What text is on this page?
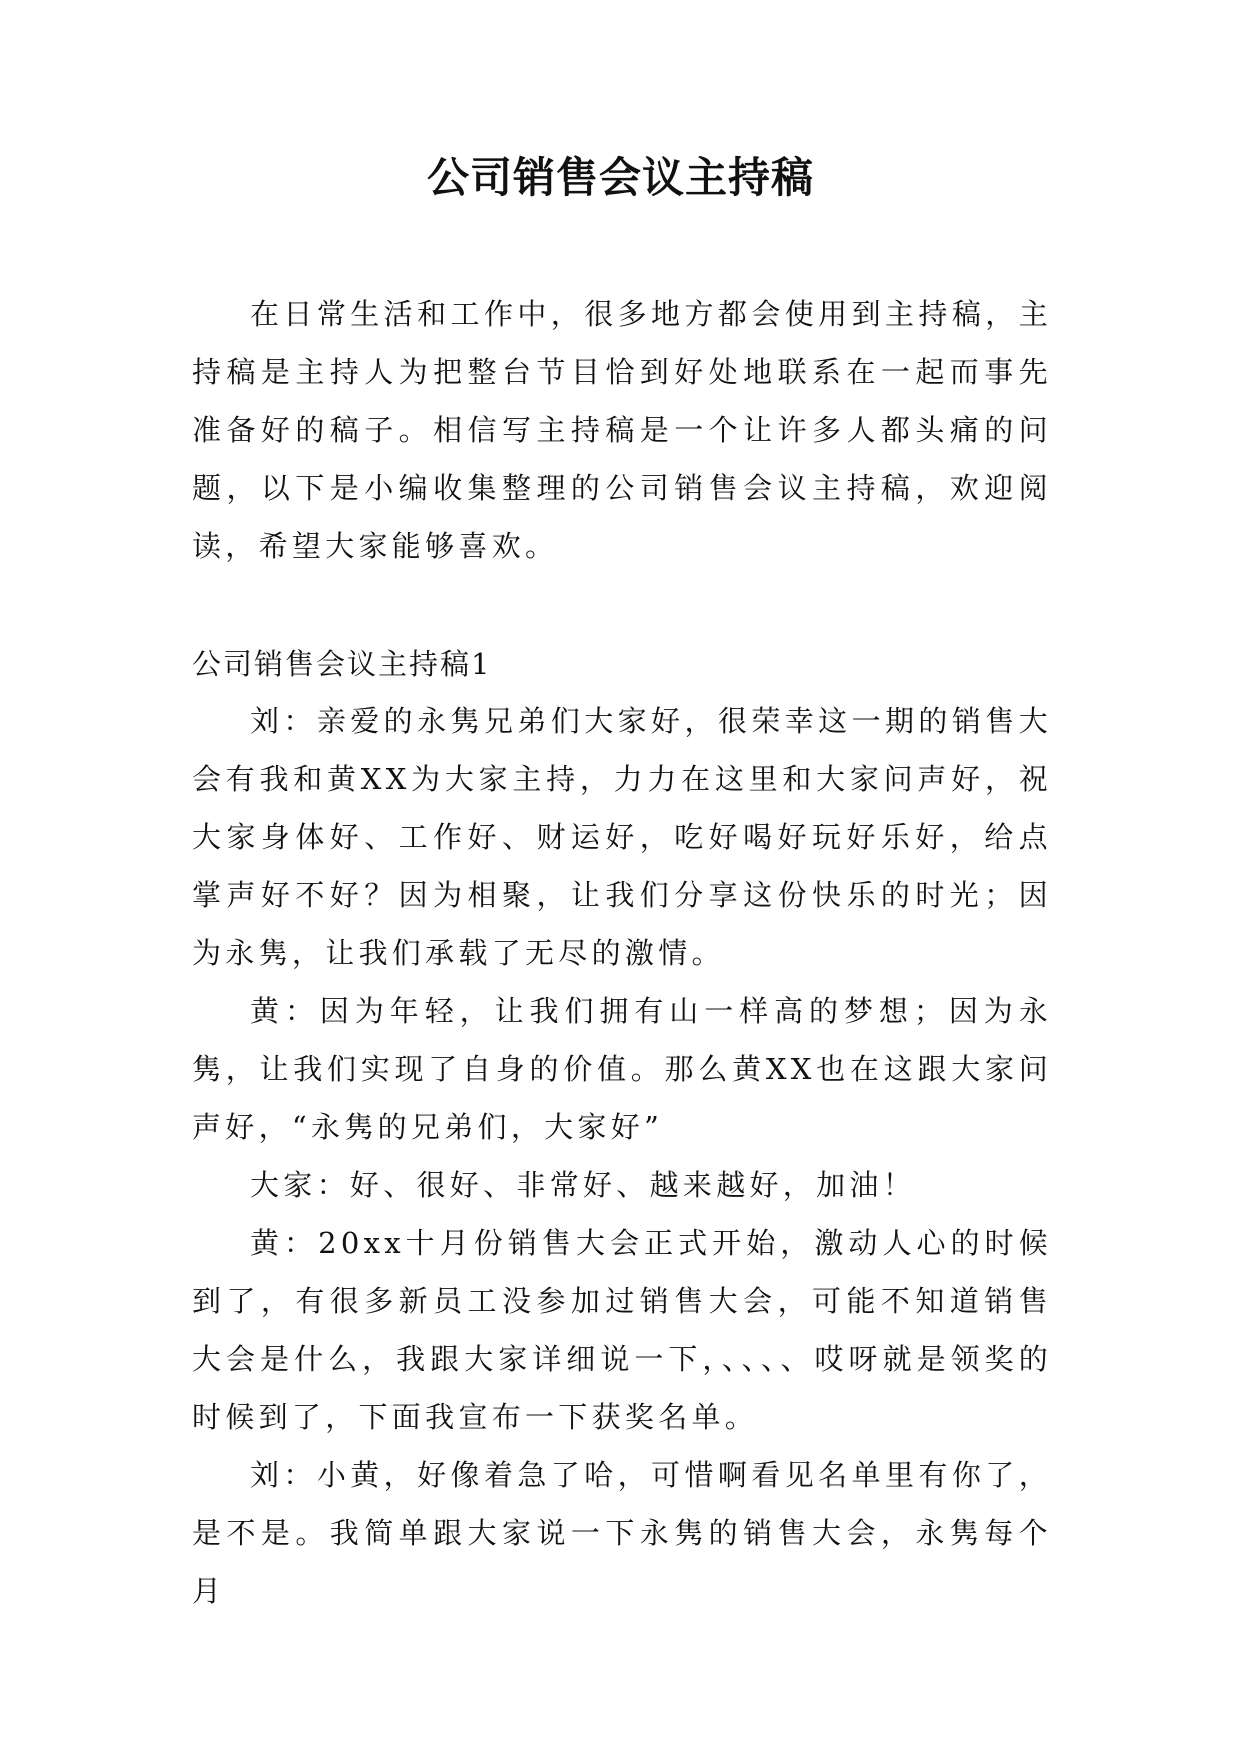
公司销售会议主持稿

在日常生活和工作中，很多地方都会使用到主持稿，主持稿是主持人为把整台节目恰到好处地联系在一起而事先准备好的稿子。相信写主持稿是一个让许多人都头痛的问题，以下是小编收集整理的公司销售会议主持稿，欢迎阅读，希望大家能够喜欢。

公司销售会议主持稿1

刘：亲爱的永隽兄弟们大家好，很荣幸这一期的销售大会有我和黄XX为大家主持，力力在这里和大家问声好，祝大家身体好、工作好、财运好，吃好喝好玩好乐好，给点掌声好不好？因为相聚，让我们分享这份快乐的时光；因为永隽，让我们承载了无尽的激情。

黄：因为年轻，让我们拥有山一样高的梦想；因为永隽，让我们实现了自身的价值。那么黄XX也在这跟大家问声好，“永隽的兄弟们，大家好”

大家：好、很好、非常好、越来越好，加油！

黄：20xx十月份销售大会正式开始，激动人心的时候到了，有很多新员工没参加过销售大会，可能不知道销售大会是什么，我跟大家详细说一下，、、、、哎呀就是领奖的时候到了，下面我宣布一下获奖名单。

刘：小黄，好像着急了哈，可惜啊看见名单里有你了，是不是。我简单跟大家说一下永隽的销售大会，永隽每个月
